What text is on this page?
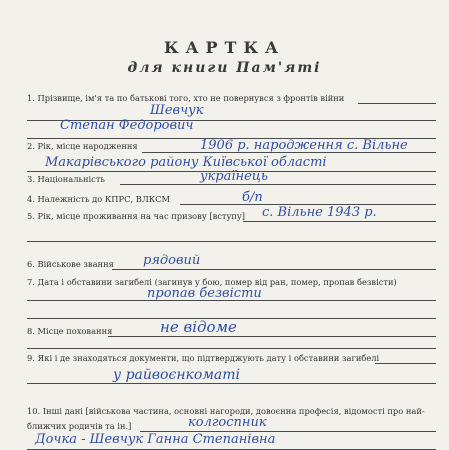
КАРТКА
для книги Пам'яті
1. Прізвище, ім'я та по батькові того, хто не повернувся з фронтів війни
Шевчук
Степан Федорович
2. Рік, місце народження	1906 р. народження с. Вільне
Макарівського району Київської області
3. Національність	українець
4. Належність до КПРС, ВЛКСМ	б/п
5. Рік, місце проживання на час призову [вступу] с. Вільне 1943 р.
6. Військове звання рядовий
7. Дата і обставини загибелі (загинув у бою, помер від ран, помер, пропав безвісти)
пропав безвісти
8. Місце поховання	не відоме
9. Які і де знаходяться документи, що підтверджують дату і обставини загибелі
у райвоєнкоматі
10. Інші дані [військова частина, основні нагороди, довоєнна професія, відомості про най-
ближчих родичів та ін.]	колгоспник
Дочка - Шевчук Ганна Степанівна
